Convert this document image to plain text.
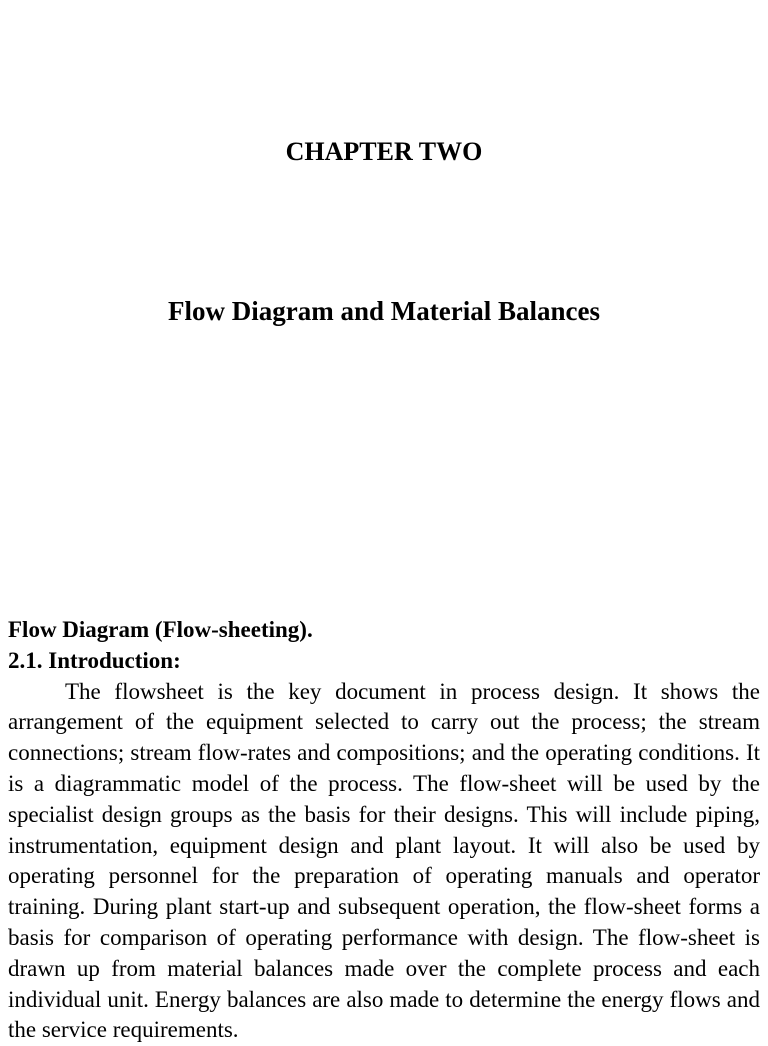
CHAPTER TWO
Flow Diagram and Material Balances

Flow Diagram (Flow-sheeting).

2.1. Introduction:

The flowsheet is the key document in process design. It shows the arrangement of the equipment selected to carry out the process; the stream connections; stream flow-rates and compositions; and the operating conditions. It is a diagrammatic model of the process. The flow-sheet will be used by the specialist design groups as the basis for their designs. This will include piping, instrumentation, equipment design and plant layout. It will also be used by operating personnel for the preparation of operating manuals and operator training. During plant start-up and subsequent operation, the flow-sheet forms a basis for comparison of operating performance with design. The flow-sheet is drawn up from material balances made over the complete process and each individual unit. Energy balances are also made to determine the energy flows and the service requirements.
